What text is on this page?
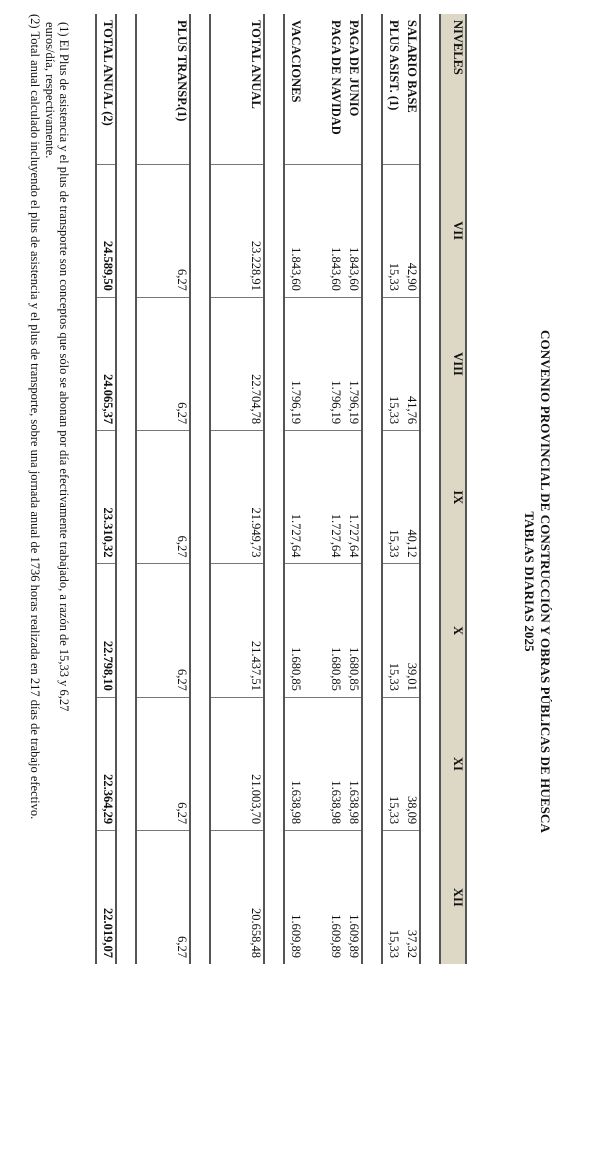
CONVENIO PROVINCIAL DE CONSTRUCCIÓN Y OBRAS PÚBLICAS DE HUESCA
TABLAS DIARIAS 2025
NIVELES	VII	VIII	IX	X	XI	XII

SALARIO BASE	42,90	41,76	40,12	39,01	38,09	37,32
PLUS ASIST. (1)	15,33	15,33	15,33	15,33	15,33	15,33

PAGA DE JUNIO	1.843,60	1.796,19	1.727,64	1.680,85	1.638,98	1.609,89
PAGA DE NAVIDAD	1.843,60	1.796,19	1.727,64	1.680,85	1.638,98	1.609,89
VACACIONES	1.843,60	1.796,19	1.727,64	1.680,85	1.638,98	1.609,89

TOTAL ANUAL	23.228,91	22.704,78	21.949,73	21.437,51	21.003,70	20.658,48

PLUS TRANSP.(1)	6,27	6,27	6,27	6,27	6,27	6,27

TOTAL ANUAL (2)	24.589,50	24.065,37	23.310,32	22.798,10	22.364,29	22.019,07

(1) El Plus de asistencia y el plus de transporte son conceptos que sólo se abonan por día efectivamente trabajado, a razón de 15,33 y 6,27 euros/día, respectivamente.

(2) Total anual calculado incluyendo el plus de asistencia y el plus de transporte, sobre una jornada anual de 1736 horas realizada en 217 días de trabajo efectivo.
